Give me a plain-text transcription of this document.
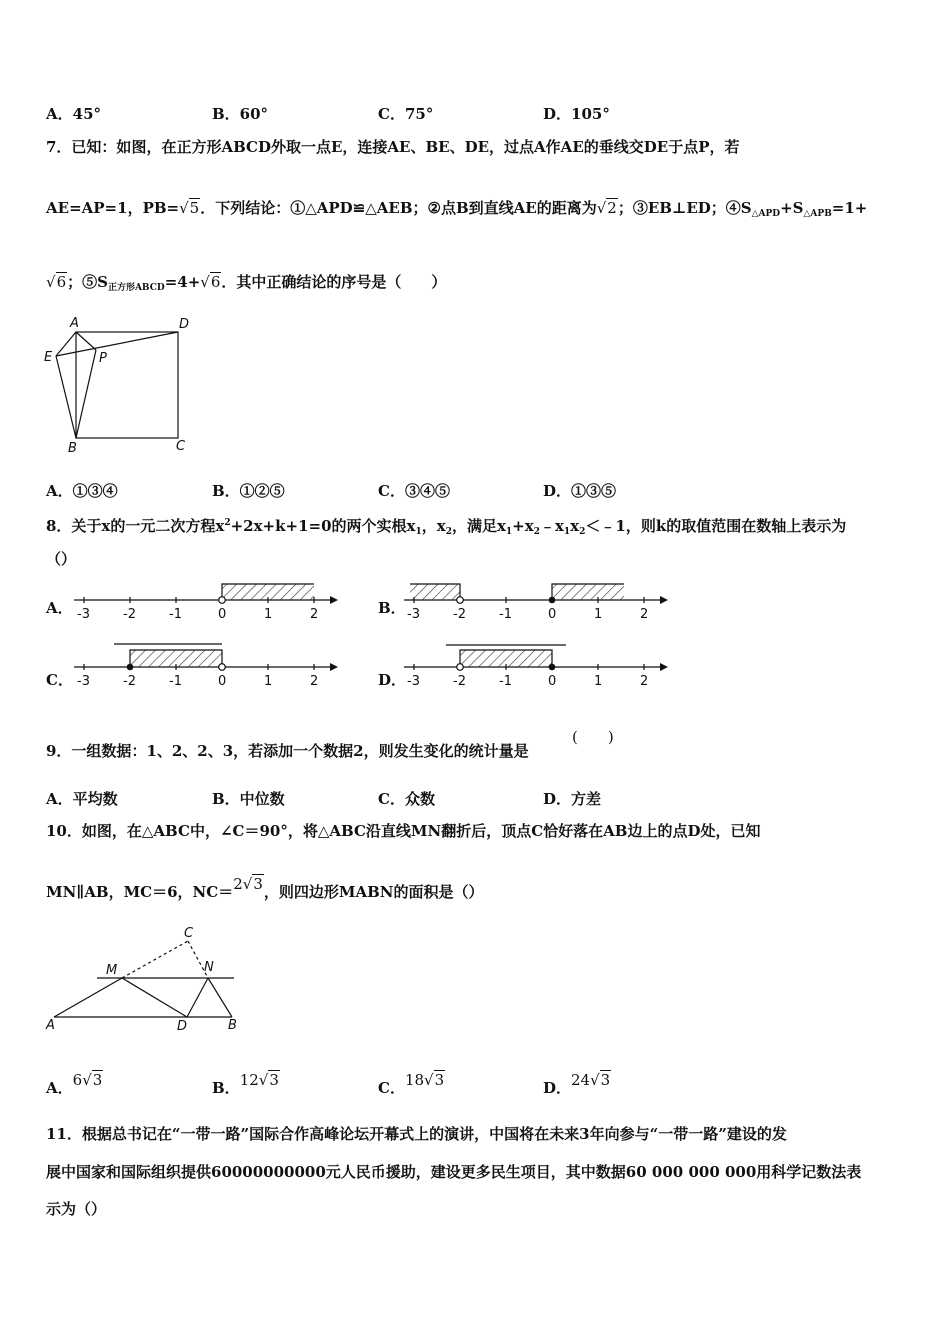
A．45°	B．60°	C．75°	D．105°
7．已知：如图，在正方形ABCD外取一点E，连接AE、BE、DE，过点A作AE的垂线交DE于点P，若
AE=AP=1，PB=√5．下列结论：①△APD≌△AEB；②点B到直线AE的距离为√2；③EB⊥ED；$④S_{\triangle APD}+S_{\triangle APB}=1+$
√6；$⑤S_{正方形ABCD}=4+√6$．其中正确结论的序号是（　　）
A	D
E	P
B	C
A．①③④	B．①②⑤	C．③④⑤	D．①③⑤
8．关于x的一元二次方程$x^2+2x+k+1=0$的两个实根$x_1$，$x_2$，满足$x_1+x_2﹣x_1x_2<﹣1$，则k的取值范围在数轴上表示为
（）
A． -3	-2	-1	0	1	2	B． -3	-2	-1	0	1	2
C． -3	-2	-1	0	1	2	D． -3	-2	-1	0	1	2
9．一组数据：1、2、2、3，若添加一个数据2，则发生变化的统计量是
(　　)
A．平均数	B．中位数	C．众数	D．方差
10．如图，在△ABC中，∠C＝90°，将△ABC沿直线MN翻折后，顶点C恰好落在AB边上的点D处，已知
MN∥AB，MC＝6，NC＝2√3，则四边形MABN的面积是（）
C
M	N
A	D	B
A．6√3	B．12√3	C．18√3	D．24√3
11．根据总书记在“一带一路”国际合作高峰论坛开幕式上的演讲，中国将在未来3年向参与“一带一路”建设的发
展中国家和国际组织提供60000000000元人民币援助，建设更多民生项目，其中数据60 000 000 000用科学记数法表
示为（）
